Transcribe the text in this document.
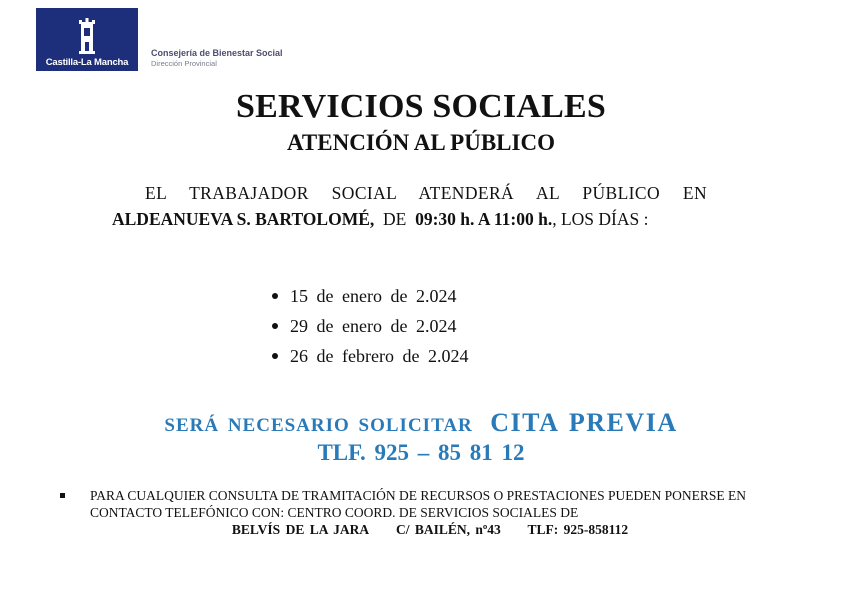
Castilla-La Mancha
Consejería de Bienestar Social
Dirección Provincial
SERVICIOS SOCIALES
ATENCIÓN AL PÚBLICO
EL TRABAJADOR SOCIAL ATENDERÁ AL PÚBLICO EN
ALDEANUEVA S. BARTOLOMÉ, DE 09:30 h. A 11:00 h., LOS DÍAS :
15 de enero de 2.024
29 de enero de 2.024
26 de febrero de 2.024
SERÁ NECESARIO SOLICITAR CITA PREVIA
TLF. 925 – 85 81 12
PARA CUALQUIER CONSULTA DE TRAMITACIÓN DE RECURSOS O PRESTACIONES PUEDEN PONERSE EN CONTACTO TELEFÓNICO CON: CENTRO COORD. DE SERVICIOS SOCIALES DE
BELVÍS DE LA JARA C/ BAILÉN, nº43 TLF: 925-858112
